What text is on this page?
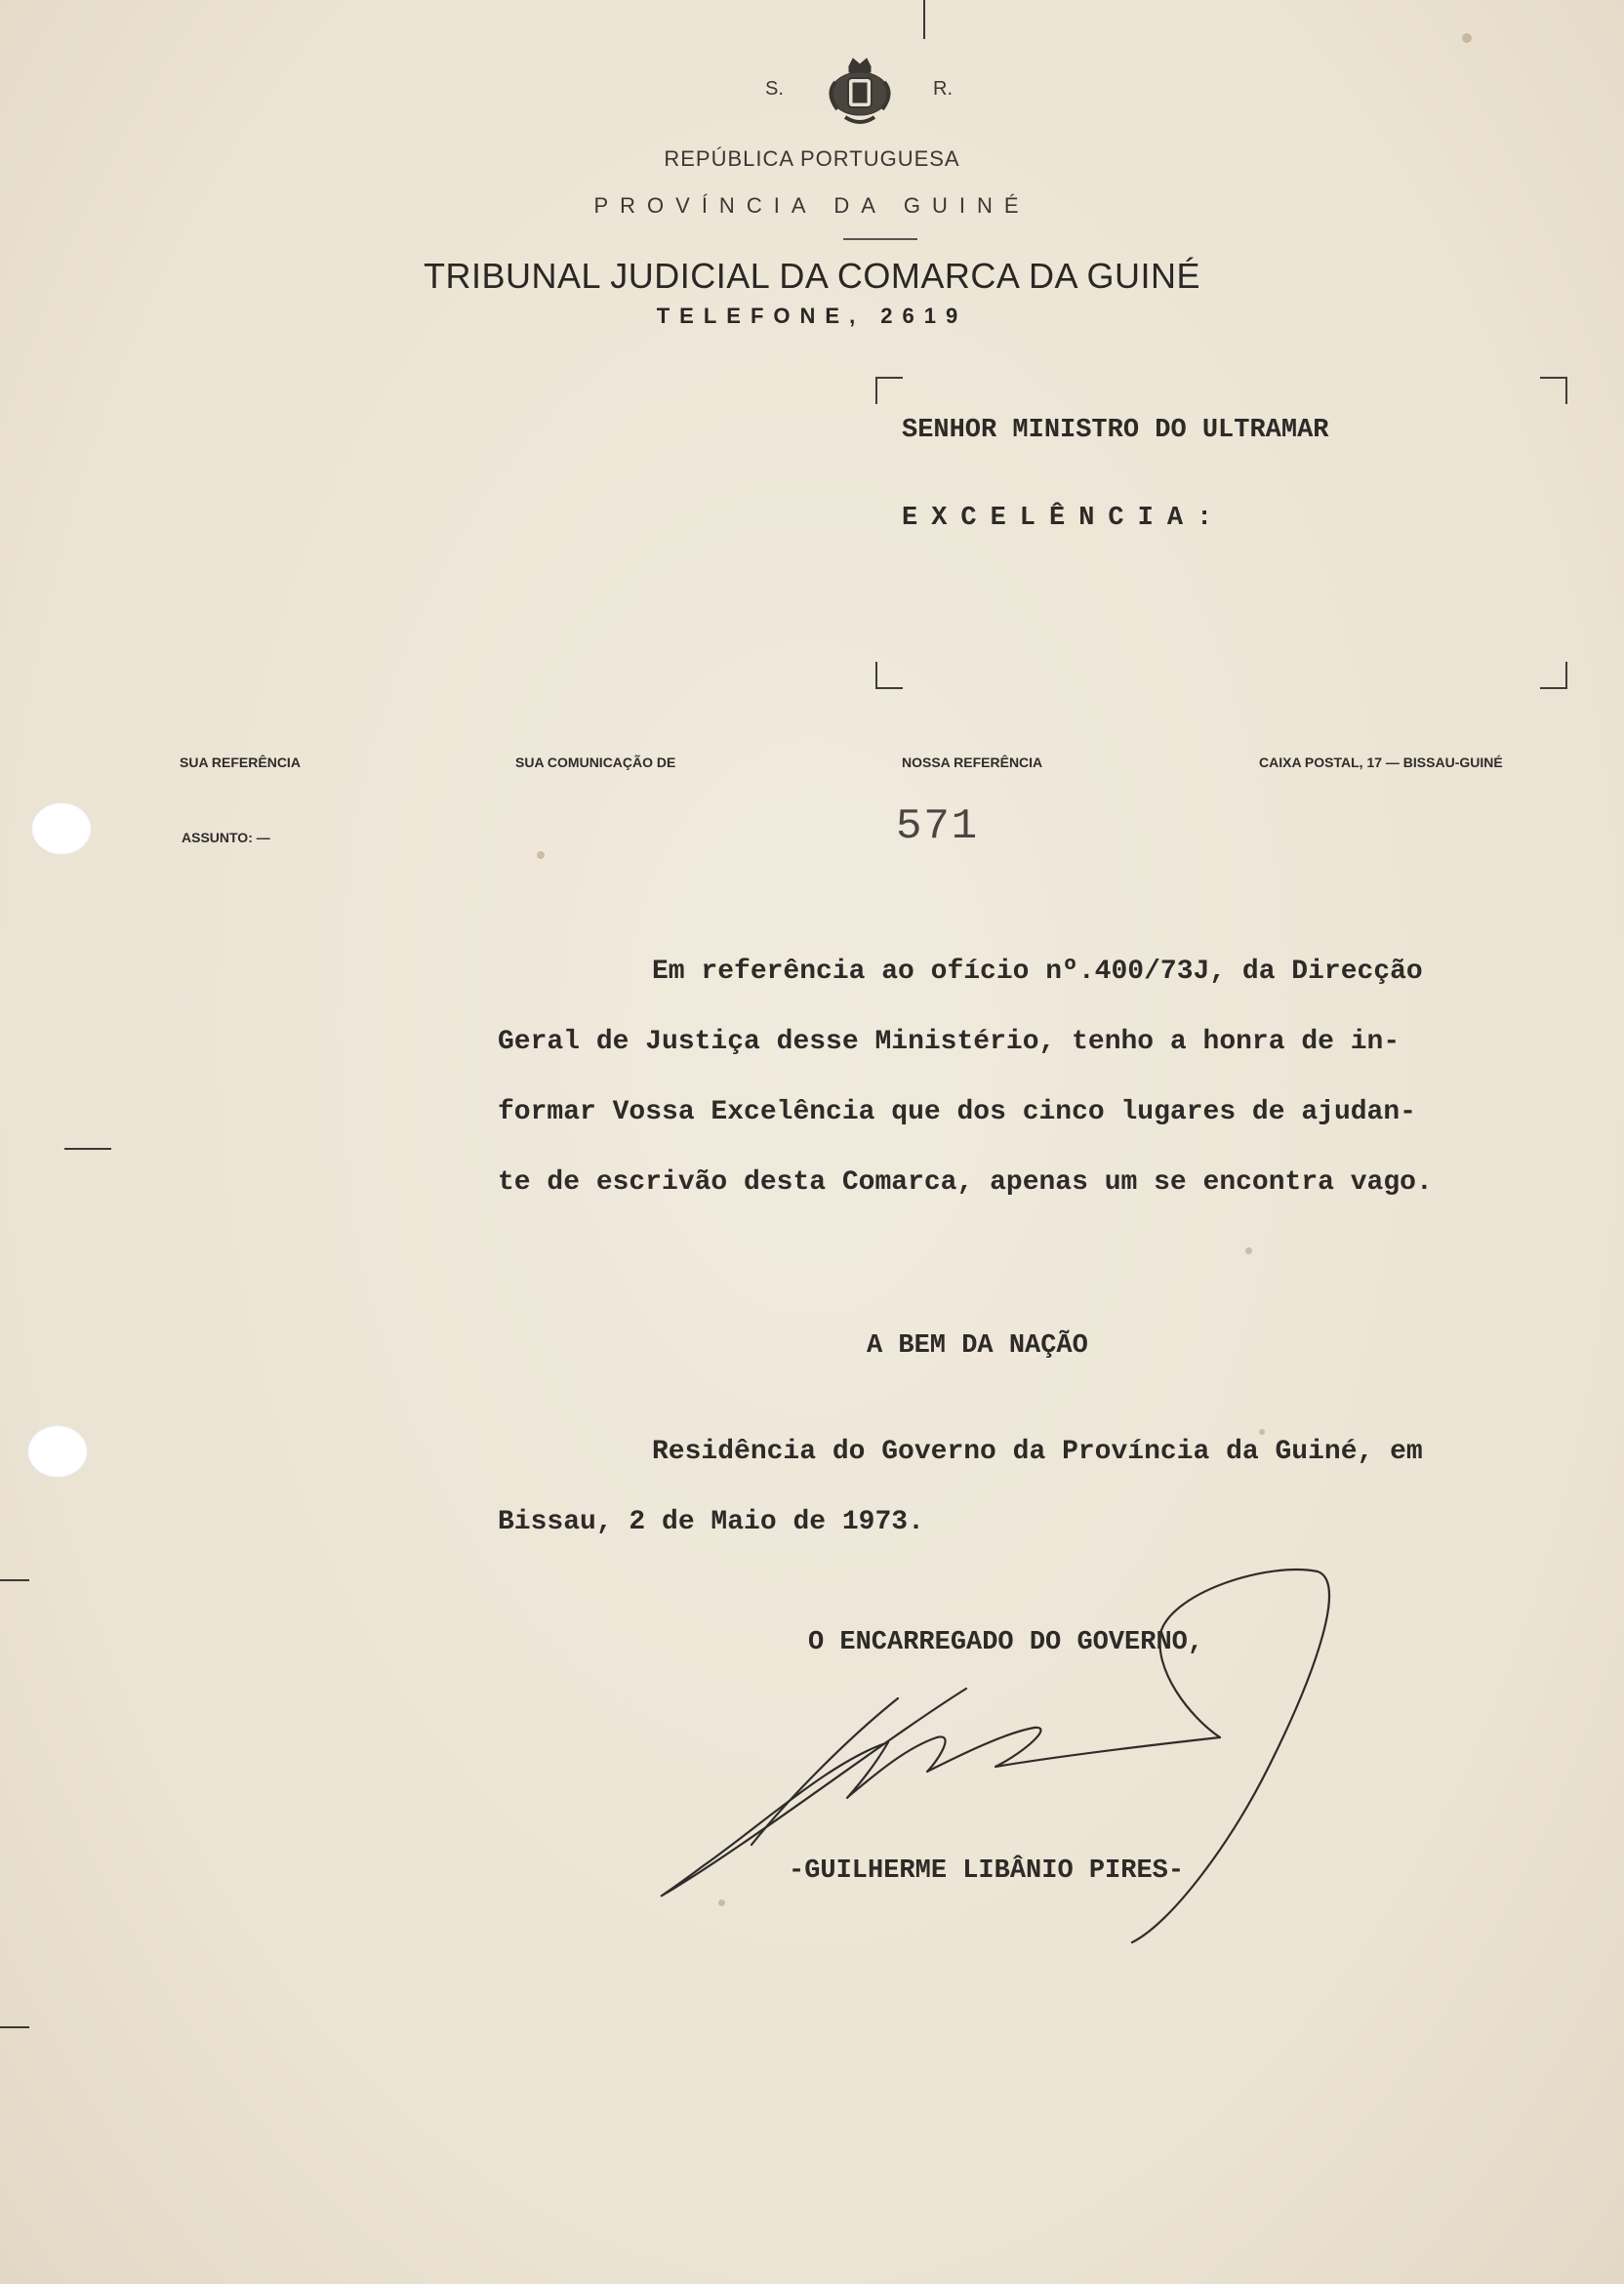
S.	R.
REPÚBLICA PORTUGUESA
PROVÍNCIA DA GUINÉ
TRIBUNAL JUDICIAL DA COMARCA DA GUINÉ
TELEFONE, 2619
SENHOR MINISTRO DO ULTRAMAR
EXCELÊNCIA:
SUA REFERÊNCIA	SUA COMUNICAÇÃO DE	NOSSA REFERÊNCIA	CAIXA POSTAL, 17 — BISSAU-GUINÉ
ASSUNTO: —	571
Em referência ao ofício nº.400/73J, da Direcção
Geral de Justiça desse Ministério, tenho a honra de in-
formar Vossa Excelência que dos cinco lugares de ajudan-
te de escrivão desta Comarca, apenas um se encontra vago.
A BEM DA NAÇÃO
Residência do Governo da Província da Guiné, em
Bissau, 2 de Maio de 1973.
O ENCARREGADO DO GOVERNO,
-GUILHERME LIBÂNIO PIRES-
